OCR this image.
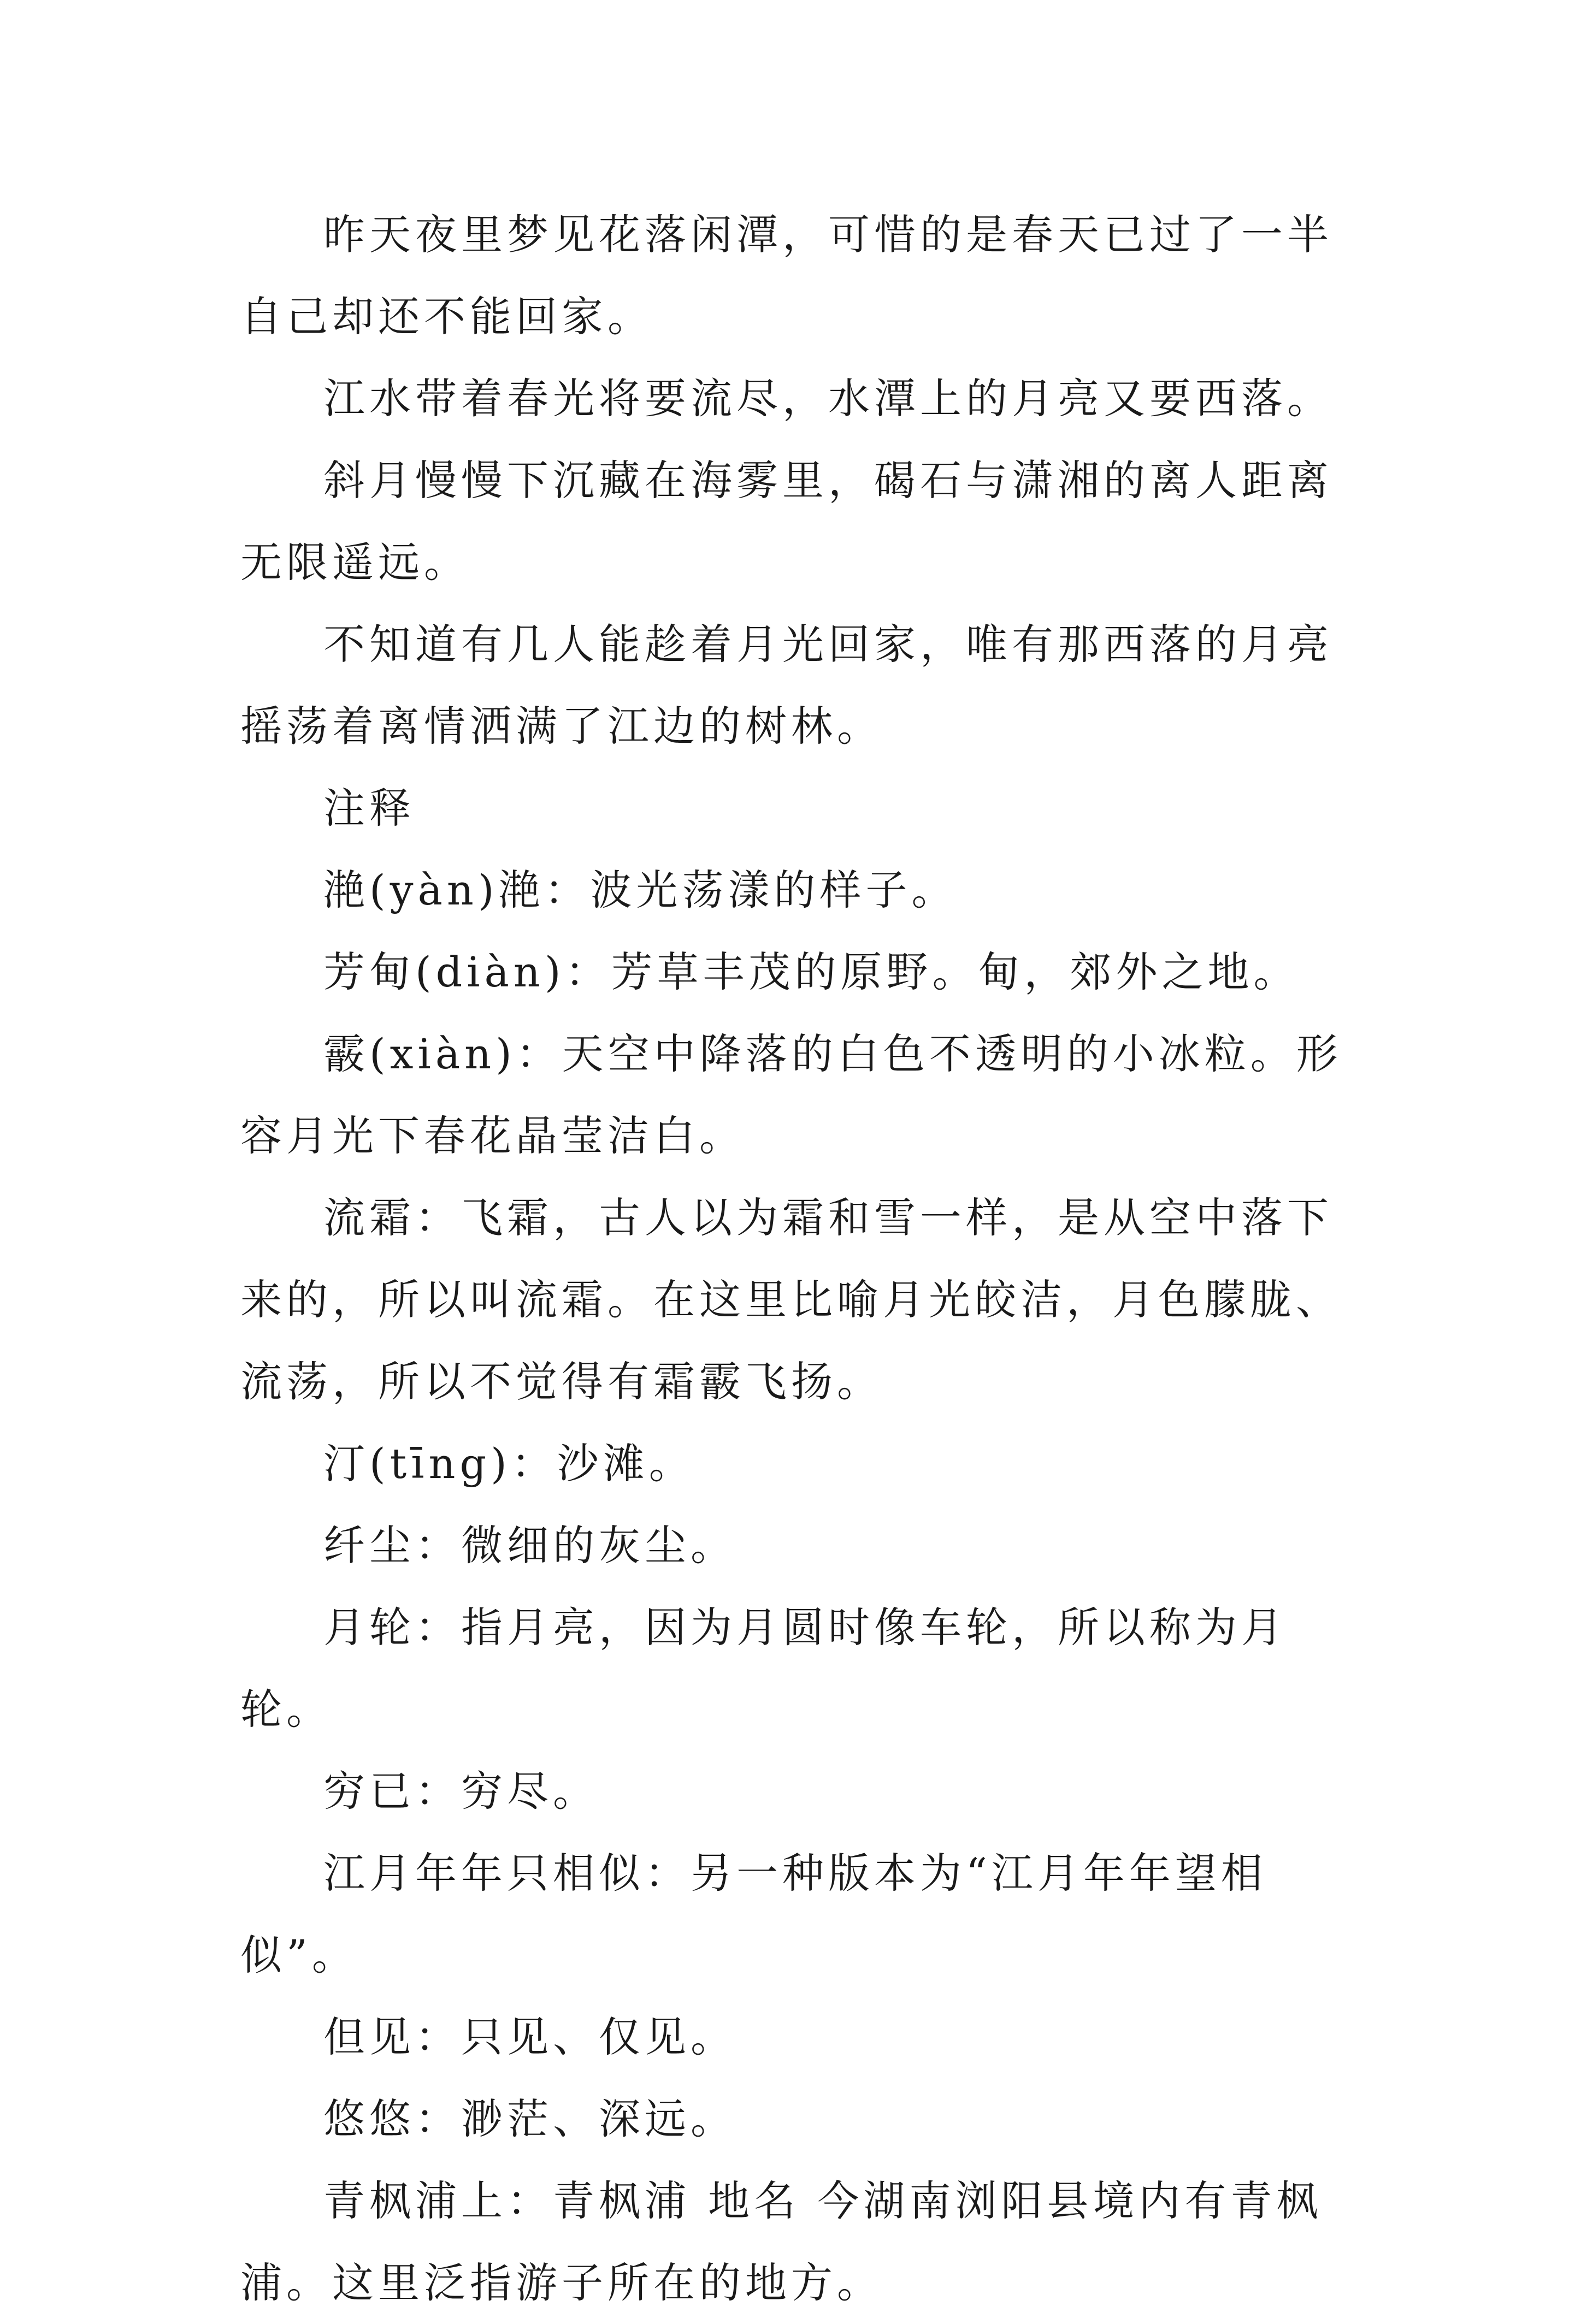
昨天夜里梦见花落闲潭，可惜的是春天已过了一半自己却还不能回家。

江水带着春光将要流尽，水潭上的月亮又要西落。

斜月慢慢下沉藏在海雾里，碣石与潇湘的离人距离无限遥远。

不知道有几人能趁着月光回家，唯有那西落的月亮摇荡着离情洒满了江边的树林。

注释

滟(yàn)滟：波光荡漾的样子。

芳甸(diàn)：芳草丰茂的原野。甸，郊外之地。

霰(xiàn)：天空中降落的白色不透明的小冰粒。形容月光下春花晶莹洁白。

流霜：飞霜，古人以为霜和雪一样，是从空中落下来的，所以叫流霜。在这里比喻月光皎洁，月色朦胧、流荡，所以不觉得有霜霰飞扬。

汀(tīng)：沙滩。

纤尘：微细的灰尘。

月轮：指月亮，因为月圆时像车轮，所以称为月轮。

穷已：穷尽。

江月年年只相似：另一种版本为“江月年年望相似”。

但见：只见、仅见。

悠悠：渺茫、深远。

青枫浦上：青枫浦 地名 今湖南浏阳县境内有青枫浦。这里泛指游子所在的地方。
